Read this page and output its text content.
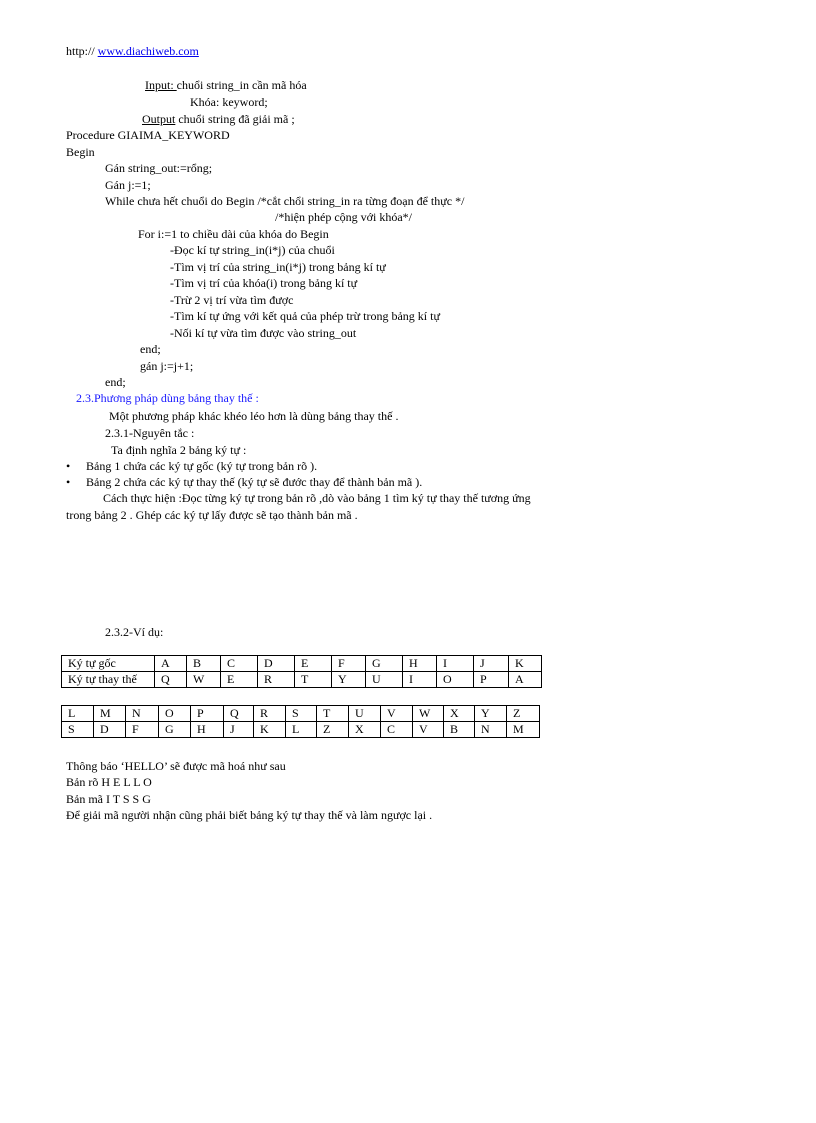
http:// www.diachiweb.com
Input: chuổi string_in cần mã hóa
Khóa: keyword;
Output chuổi string đã giải mã ;
Procedure GIAIMA_KEYWORD
Begin
Gán string_out:=rổng;
Gán j:=1;
While chưa hết chuổi do Begin /*cắt chổi string_in ra từng đoạn để thực */
/*hiện phép cộng với khóa*/
For i:=1 to chiều dài của khóa do Begin
-Đọc kí tự string_in(i*j) của chuổi
-Tìm vị trí của string_in(i*j) trong bảng kí tự
-Tìm vị trí của khóa(i) trong bảng kí tự
-Trừ 2 vị trí vừa tìm được
-Tìm kí tự ứng với kết quả của phép trừ trong bảng kí tự
-Nối kí tự vừa tìm được vào string_out
end;
gán j:=j+1;
end;
2.3.Phương pháp dùng bảng thay thế :
Một phương pháp khác khéo léo hơn là dùng bảng thay thế .
2.3.1-Nguyên tắc :
Ta định nghĩa 2 bảng ký tự :
•
Bảng 1 chứa các ký tự gốc (ký tự trong bản rõ ).
•
Bảng 2 chứa các ký tự thay thế (ký tự sẽ đước thay để thành bản mã ).
Cách thực hiện :Đọc từng ký tự trong bản rõ ,dò vào bảng 1 tìm ký tự thay thế tương ứng
trong bảng 2 . Ghép các ký tự lấy được sẽ tạo thành bản mã .
2.3.2-Ví dụ:
Ký tự gốc	A	B	C	D	E	F	G	H	I	J	K
Ký tự thay thế	Q	W	E	R	T	Y	U	I	O	P	A
L	M	N	O	P	Q	R	S	T	U	V	W	X	Y	Z
S	D	F	G	H	J	K	L	Z	X	C	V	B	N	M
Thông báo ‘HELLO’ sẽ được mã hoá như sau
Bản rõ H E L L O
Bản mã I T S S G
Để giải mã người nhận cũng phải biết bảng ký tự thay thế và làm ngược lại .
